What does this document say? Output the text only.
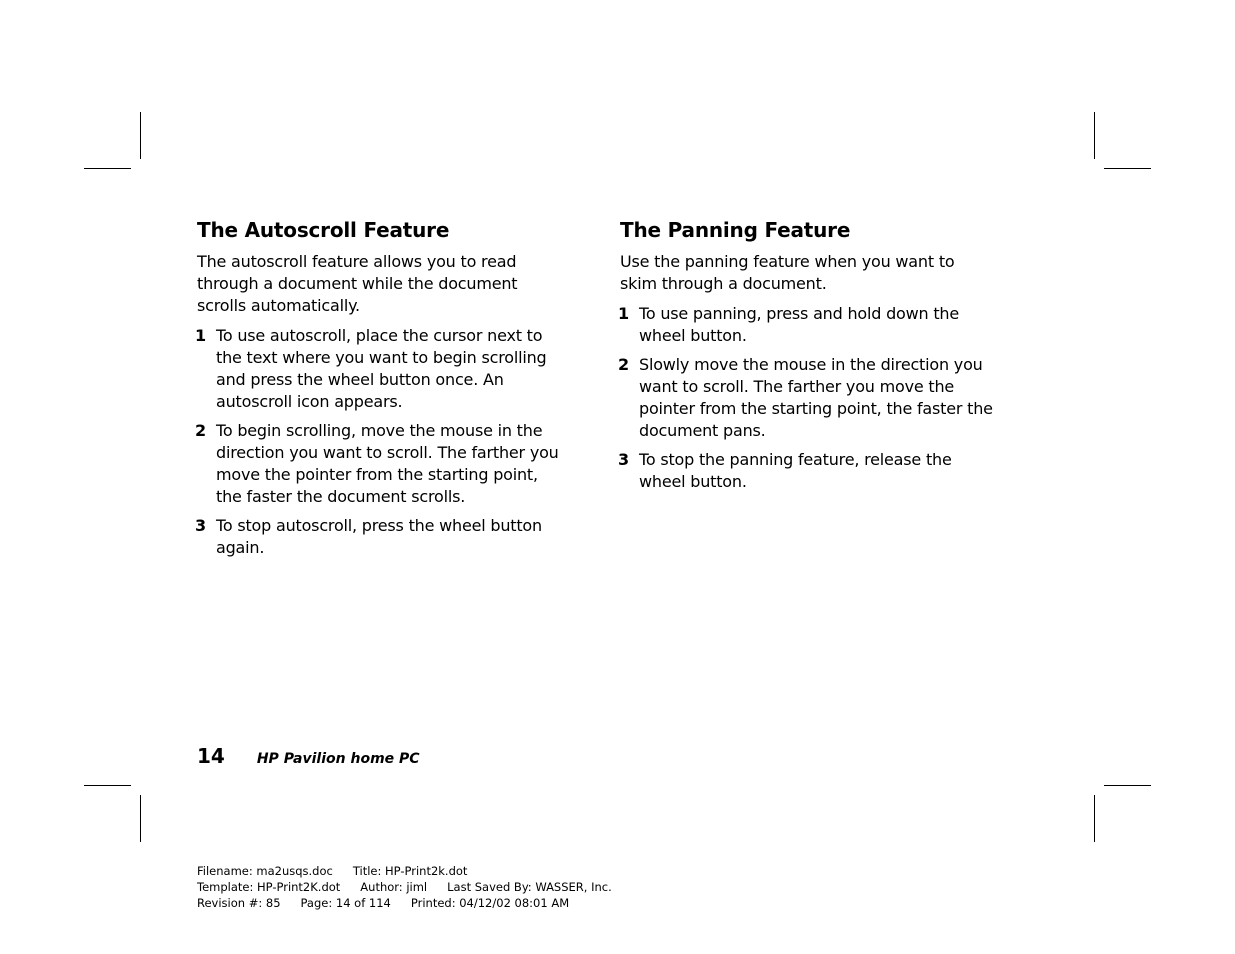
The Autoscroll Feature

The autoscroll feature allows you to read through a document while the document scrolls automatically.

1 To use autoscroll, place the cursor next to the text where you want to begin scrolling and press the wheel button once. An autoscroll icon appears.
2 To begin scrolling, move the mouse in the direction you want to scroll. The farther you move the pointer from the starting point, the faster the document scrolls.
3 To stop autoscroll, press the wheel button again.
The Panning Feature

Use the panning feature when you want to skim through a document.

1 To use panning, press and hold down the wheel button.
2 Slowly move the mouse in the direction you want to scroll. The farther you move the pointer from the starting point, the faster the document pans.
3 To stop the panning feature, release the wheel button.
14 HP Pavilion home PC
Filename: ma2usqs.doc Title: HP-Print2k.dot
Template: HP-Print2K.dot Author: jiml Last Saved By: WASSER, Inc.
Revision #: 85 Page: 14 of 114 Printed: 04/12/02 08:01 AM
